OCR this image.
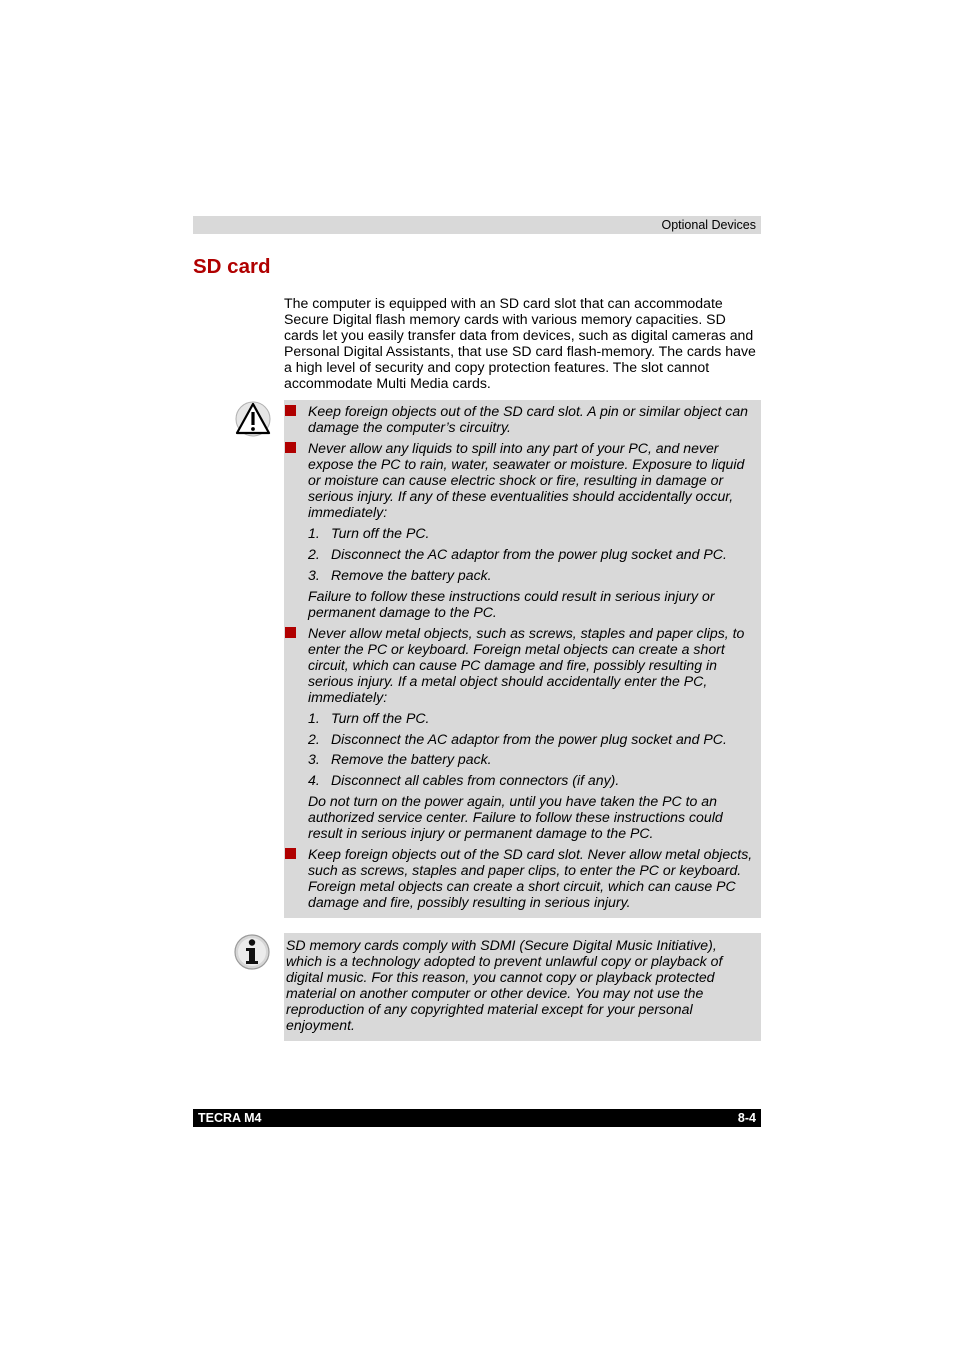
Optional Devices
SD card

The computer is equipped with an SD card slot that can accommodate Secure Digital flash memory cards with various memory capacities. SD cards let you easily transfer data from devices, such as digital cameras and Personal Digital Assistants, that use SD card flash-memory. The cards have a high level of security and copy protection features. The slot cannot accommodate Multi Media cards.

Keep foreign objects out of the SD card slot. A pin or similar object can damage the computer’s circuitry.

Never allow any liquids to spill into any part of your PC, and never expose the PC to rain, water, seawater or moisture. Exposure to liquid or moisture can cause electric shock or fire, resulting in damage or serious injury. If any of these eventualities should accidentally occur, immediately:

1. Turn off the PC.
2. Disconnect the AC adaptor from the power plug socket and PC.
3. Remove the battery pack.

Failure to follow these instructions could result in serious injury or permanent damage to the PC.

Never allow metal objects, such as screws, staples and paper clips, to enter the PC or keyboard. Foreign metal objects can create a short circuit, which can cause PC damage and fire, possibly resulting in serious injury. If a metal object should accidentally enter the PC, immediately:

1. Turn off the PC.
2. Disconnect the AC adaptor from the power plug socket and PC.
3. Remove the battery pack.
4. Disconnect all cables from connectors (if any).

Do not turn on the power again, until you have taken the PC to an authorized service center. Failure to follow these instructions could result in serious injury or permanent damage to the PC.

Keep foreign objects out of the SD card slot. Never allow metal objects, such as screws, staples and paper clips, to enter the PC or keyboard. Foreign metal objects can create a short circuit, which can cause PC damage and fire, possibly resulting in serious injury.

SD memory cards comply with SDMI (Secure Digital Music Initiative), which is a technology adopted to prevent unlawful copy or playback of digital music. For this reason, you cannot copy or playback protected material on another computer or other device. You may not use the reproduction of any copyrighted material except for your personal enjoyment.

TECRA M4	8-4
